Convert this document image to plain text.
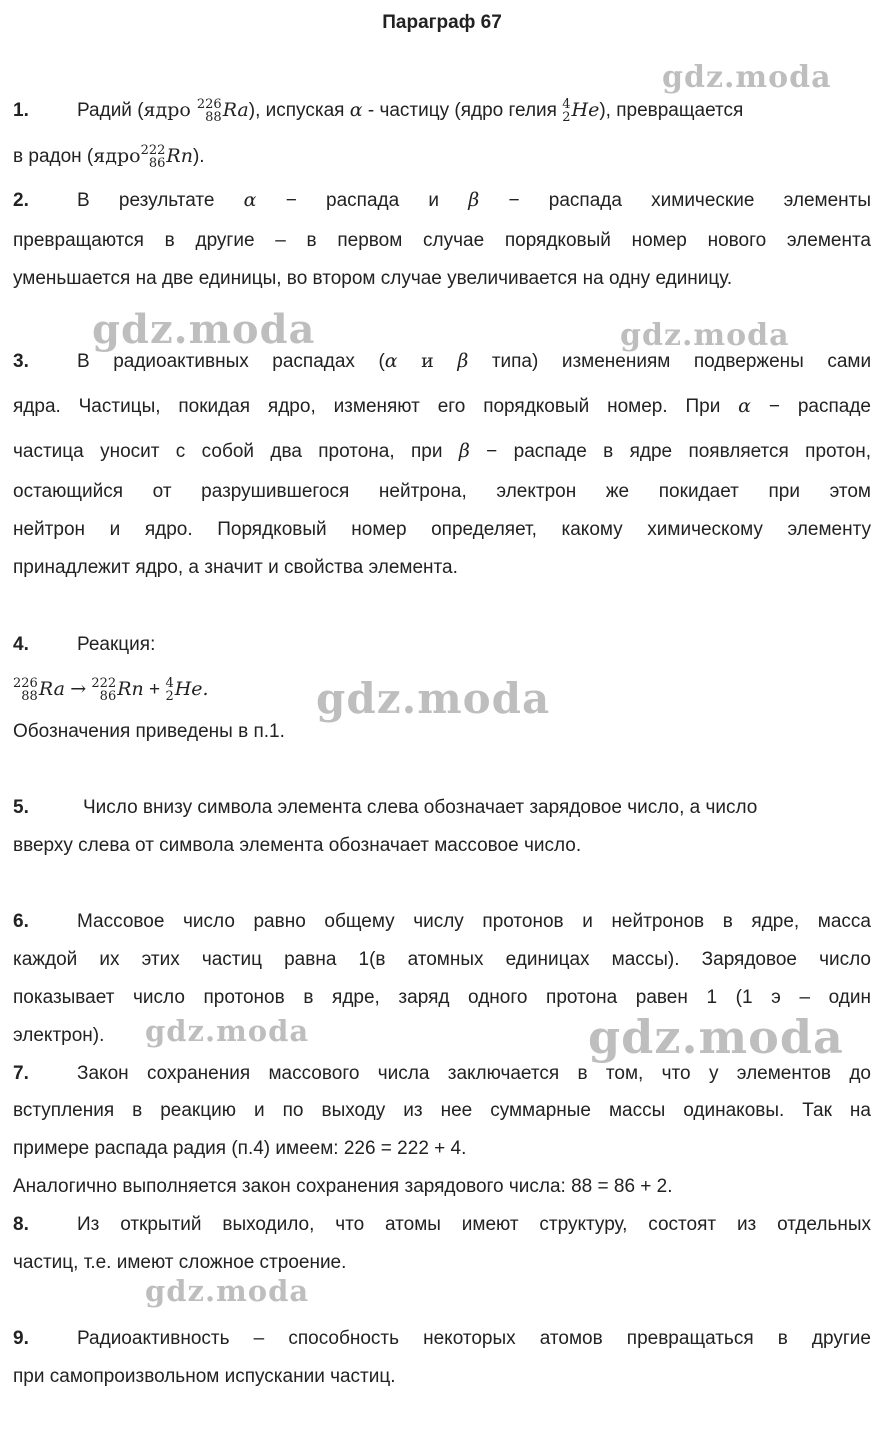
Параграф 67
gdz.moda
gdz.moda	gdz.moda
gdz.moda
gdz.moda	gdz.moda
gdz.moda
1.	Радий (ядро 226
88 Ra), испуская α - частицу (ядро гелия 4
2 He), превращается
в радон (ядро 222
86 Rn).
2.	В результате α − распада и β − распада химические элементы
превращаются в другие – в первом случае порядковый номер нового элемента
уменьшается на две единицы, во втором случае увеличивается на одну единицу.
3.	В радиоактивных распадах (α и β типа) изменениям подвержены сами
ядра. Частицы, покидая ядро, изменяют его порядковый номер. При α − распаде
частица уносит с собой два протона, при β − распаде в ядре появляется протон,
остающийся от разрушившегося нейтрона, электрон же покидает при этом
нейтрон и ядро. Порядковый номер определяет, какому химическому элементу
принадлежит ядро, а значит и свойства элемента.
4.	Реакция:
226
88 Ra → 222
86 Rn + 4
2 He.
Обозначения приведены в п.1.
5.	Число внизу символа элемента слева обозначает зарядовое число, а число
вверху слева от символа элемента обозначает массовое число.
6.	Массовое число равно общему числу протонов и нейтронов в ядре, масса
каждой их этих частиц равна 1(в атомных единицах массы). Зарядовое число
показывает число протонов в ядре, заряд одного протона равен 1 (1 э – один
электрон).
7.	Закон сохранения массового числа заключается в том, что у элементов до
вступления в реакцию и по выходу из нее суммарные массы одинаковы. Так на
примере распада радия (п.4) имеем: 226 = 222 + 4.
Аналогично выполняется закон сохранения зарядового числа: 88 = 86 + 2.
8.	Из открытий выходило, что атомы имеют структуру, состоят из отдельных
частиц, т.е. имеют сложное строение.
9.	Радиоактивность – способность некоторых атомов превращаться в другие
при самопроизвольном испускании частиц.
